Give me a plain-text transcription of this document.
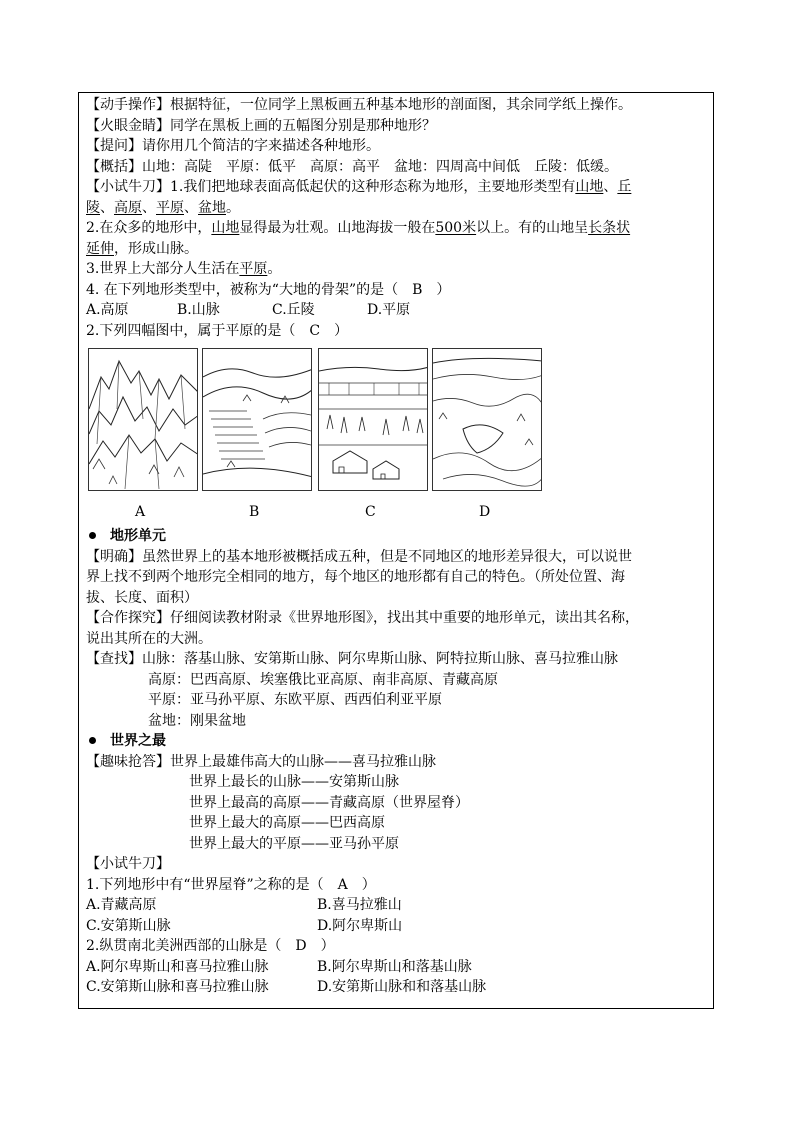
【动手操作】根据特征，一位同学上黑板画五种基本地形的剖面图，其余同学纸上操作。
【火眼金睛】同学在黑板上画的五幅图分别是那种地形？
【提问】请你用几个简洁的字来描述各种地形。
【概括】山地：高陡　平原：低平　高原：高平　盆地：四周高中间低　丘陵：低缓。
【小试牛刀】1.我们把地球表面高低起伏的这种形态称为地形，主要地形类型有山地、丘
陵、高原、平原、盆地。
2.在众多的地形中，山地显得最为壮观。山地海拔一般在500米以上。有的山地呈长条状
延伸，形成山脉。
3.世界上大部分人生活在平原。
4. 在下列地形类型中，被称为“大地的骨架”的是（　B　）
A.高原	B.山脉	C.丘陵	D.平原
2.下列四幅图中，属于平原的是（　C　）
A	B	C	D
地形单元
【明确】虽然世界上的基本地形被概括成五种，但是不同地区的地形差异很大，可以说世
界上找不到两个地形完全相同的地方，每个地区的地形都有自己的特色。（所处位置、海
拔、长度、面积）
【合作探究】仔细阅读教材附录《世界地形图》，找出其中重要的地形单元，读出其名称，
说出其所在的大洲。
【查找】山脉：落基山脉、安第斯山脉、阿尔卑斯山脉、阿特拉斯山脉、喜马拉雅山脉
高原：巴西高原、埃塞俄比亚高原、南非高原、青藏高原
平原：亚马孙平原、东欧平原、西西伯利亚平原
盆地：刚果盆地
世界之最
【趣味抢答】世界上最雄伟高大的山脉——喜马拉雅山脉
世界上最长的山脉——安第斯山脉
世界上最高的高原——青藏高原（世界屋脊）
世界上最大的高原——巴西高原
世界上最大的平原——亚马孙平原
【小试牛刀】
1.下列地形中有“世界屋脊”之称的是（　A　）
A.青藏高原	B.喜马拉雅山
C.安第斯山脉	D.阿尔卑斯山
2.纵贯南北美洲西部的山脉是（　D　）
A.阿尔卑斯山和喜马拉雅山脉	B.阿尔卑斯山和落基山脉
C.安第斯山脉和喜马拉雅山脉	D.安第斯山脉和和落基山脉
